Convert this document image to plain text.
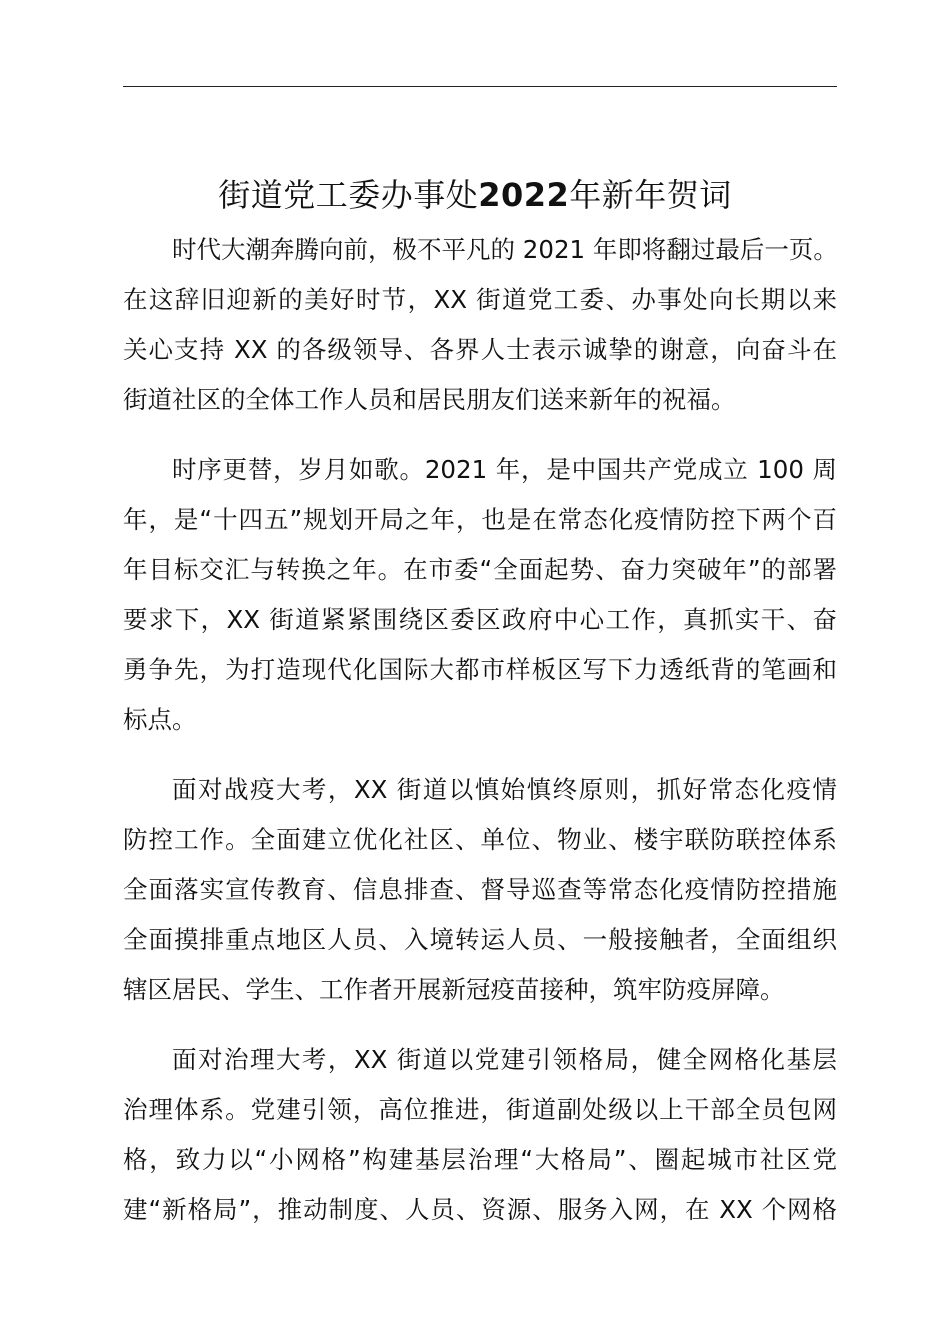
街道党工委办事处2022年新年贺词
时代大潮奔腾向前，极不平凡的 2021 年即将翻过最后一页。
在这辞旧迎新的美好时节，XX 街道党工委、办事处向长期以来
关心支持 XX 的各级领导、各界人士表示诚挚的谢意，向奋斗在
街道社区的全体工作人员和居民朋友们送来新年的祝福。
时序更替，岁月如歌。2021 年，是中国共产党成立 100 周
年，是“十四五”规划开局之年，也是在常态化疫情防控下两个百
年目标交汇与转换之年。在市委“全面起势、奋力突破年”的部署
要求下，XX 街道紧紧围绕区委区政府中心工作，真抓实干、奋
勇争先，为打造现代化国际大都市样板区写下力透纸背的笔画和
标点。
面对战疫大考，XX 街道以慎始慎终原则，抓好常态化疫情
防控工作。全面建立优化社区、单位、物业、楼宇联防联控体系
全面落实宣传教育、信息排查、督导巡查等常态化疫情防控措施
全面摸排重点地区人员、入境转运人员、一般接触者，全面组织
辖区居民、学生、工作者开展新冠疫苗接种，筑牢防疫屏障。
面对治理大考，XX 街道以党建引领格局，健全网格化基层
治理体系。党建引领，高位推进，街道副处级以上干部全员包网
格，致力以“小网格”构建基层治理“大格局”、圈起城市社区党
建“新格局”，推动制度、人员、资源、服务入网，在 XX 个网格
